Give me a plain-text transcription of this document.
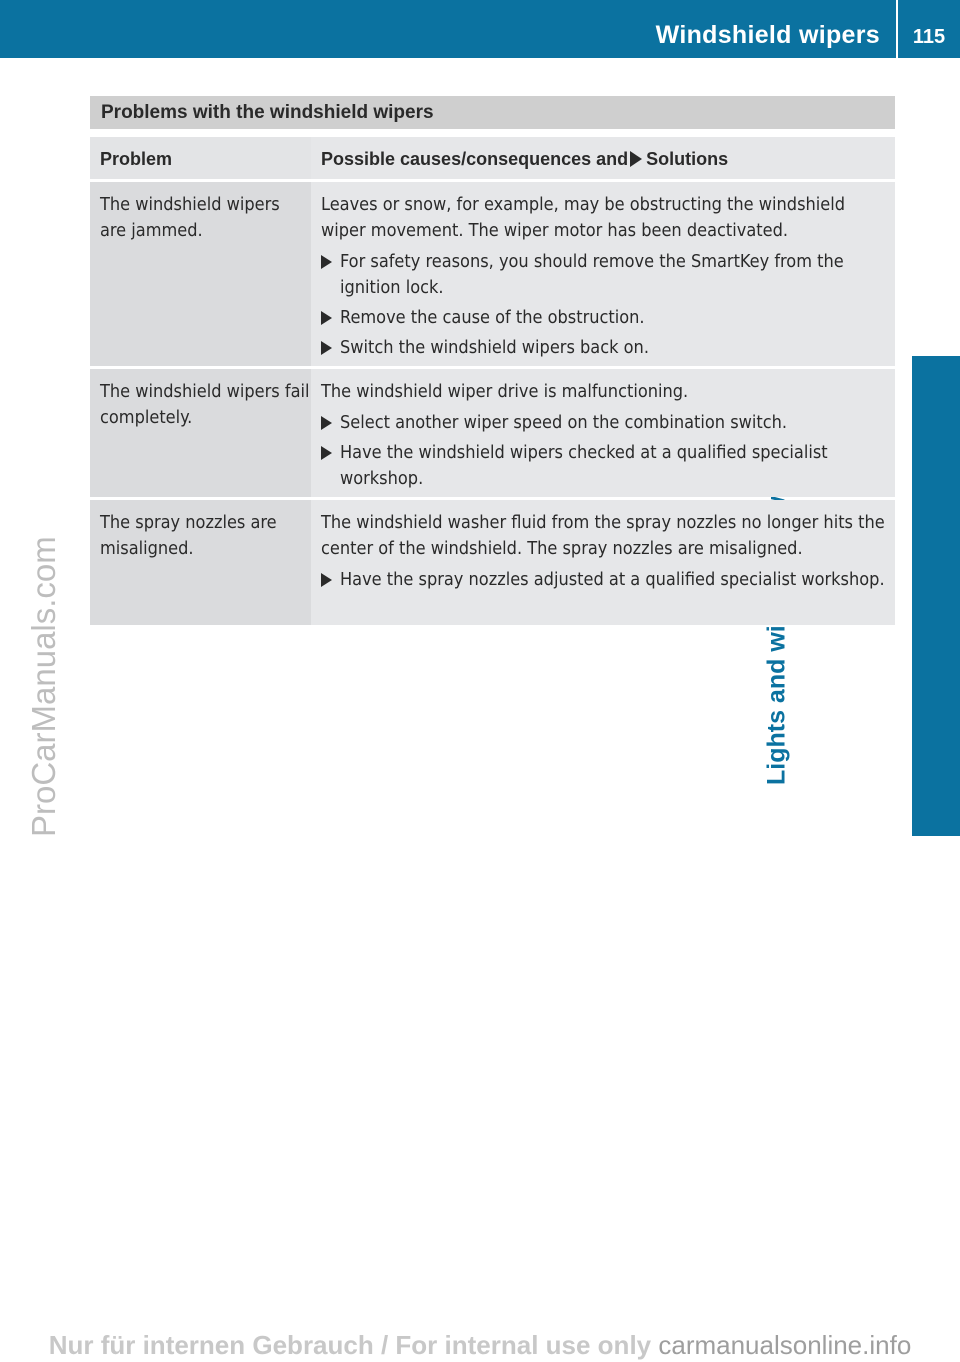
Windshield wipers	115
ProCarManuals.com
Problems with the windshield wipers
Problem	Possible causes/consequences and Solutions
The windshield wipers are jammed.

Leaves or snow, for example, may be obstructing the windshield wiper movement. The wiper motor has been deactivated.

For safety reasons, you should remove the SmartKey from the ignition lock.
Remove the cause of the obstruction.
Switch the windshield wipers back on.
The windshield wipers fail completely.

The windshield wiper drive is malfunctioning.

Select another wiper speed on the combination switch.
Have the windshield wipers checked at a qualified specialist workshop.
The spray nozzles are misaligned.

The windshield washer fluid from the spray nozzles no longer hits the center of the windshield. The spray nozzles are misaligned.

Have the spray nozzles adjusted at a qualified specialist workshop.
Nur für internen Gebrauch / For internal use only carmanualsonline.info
